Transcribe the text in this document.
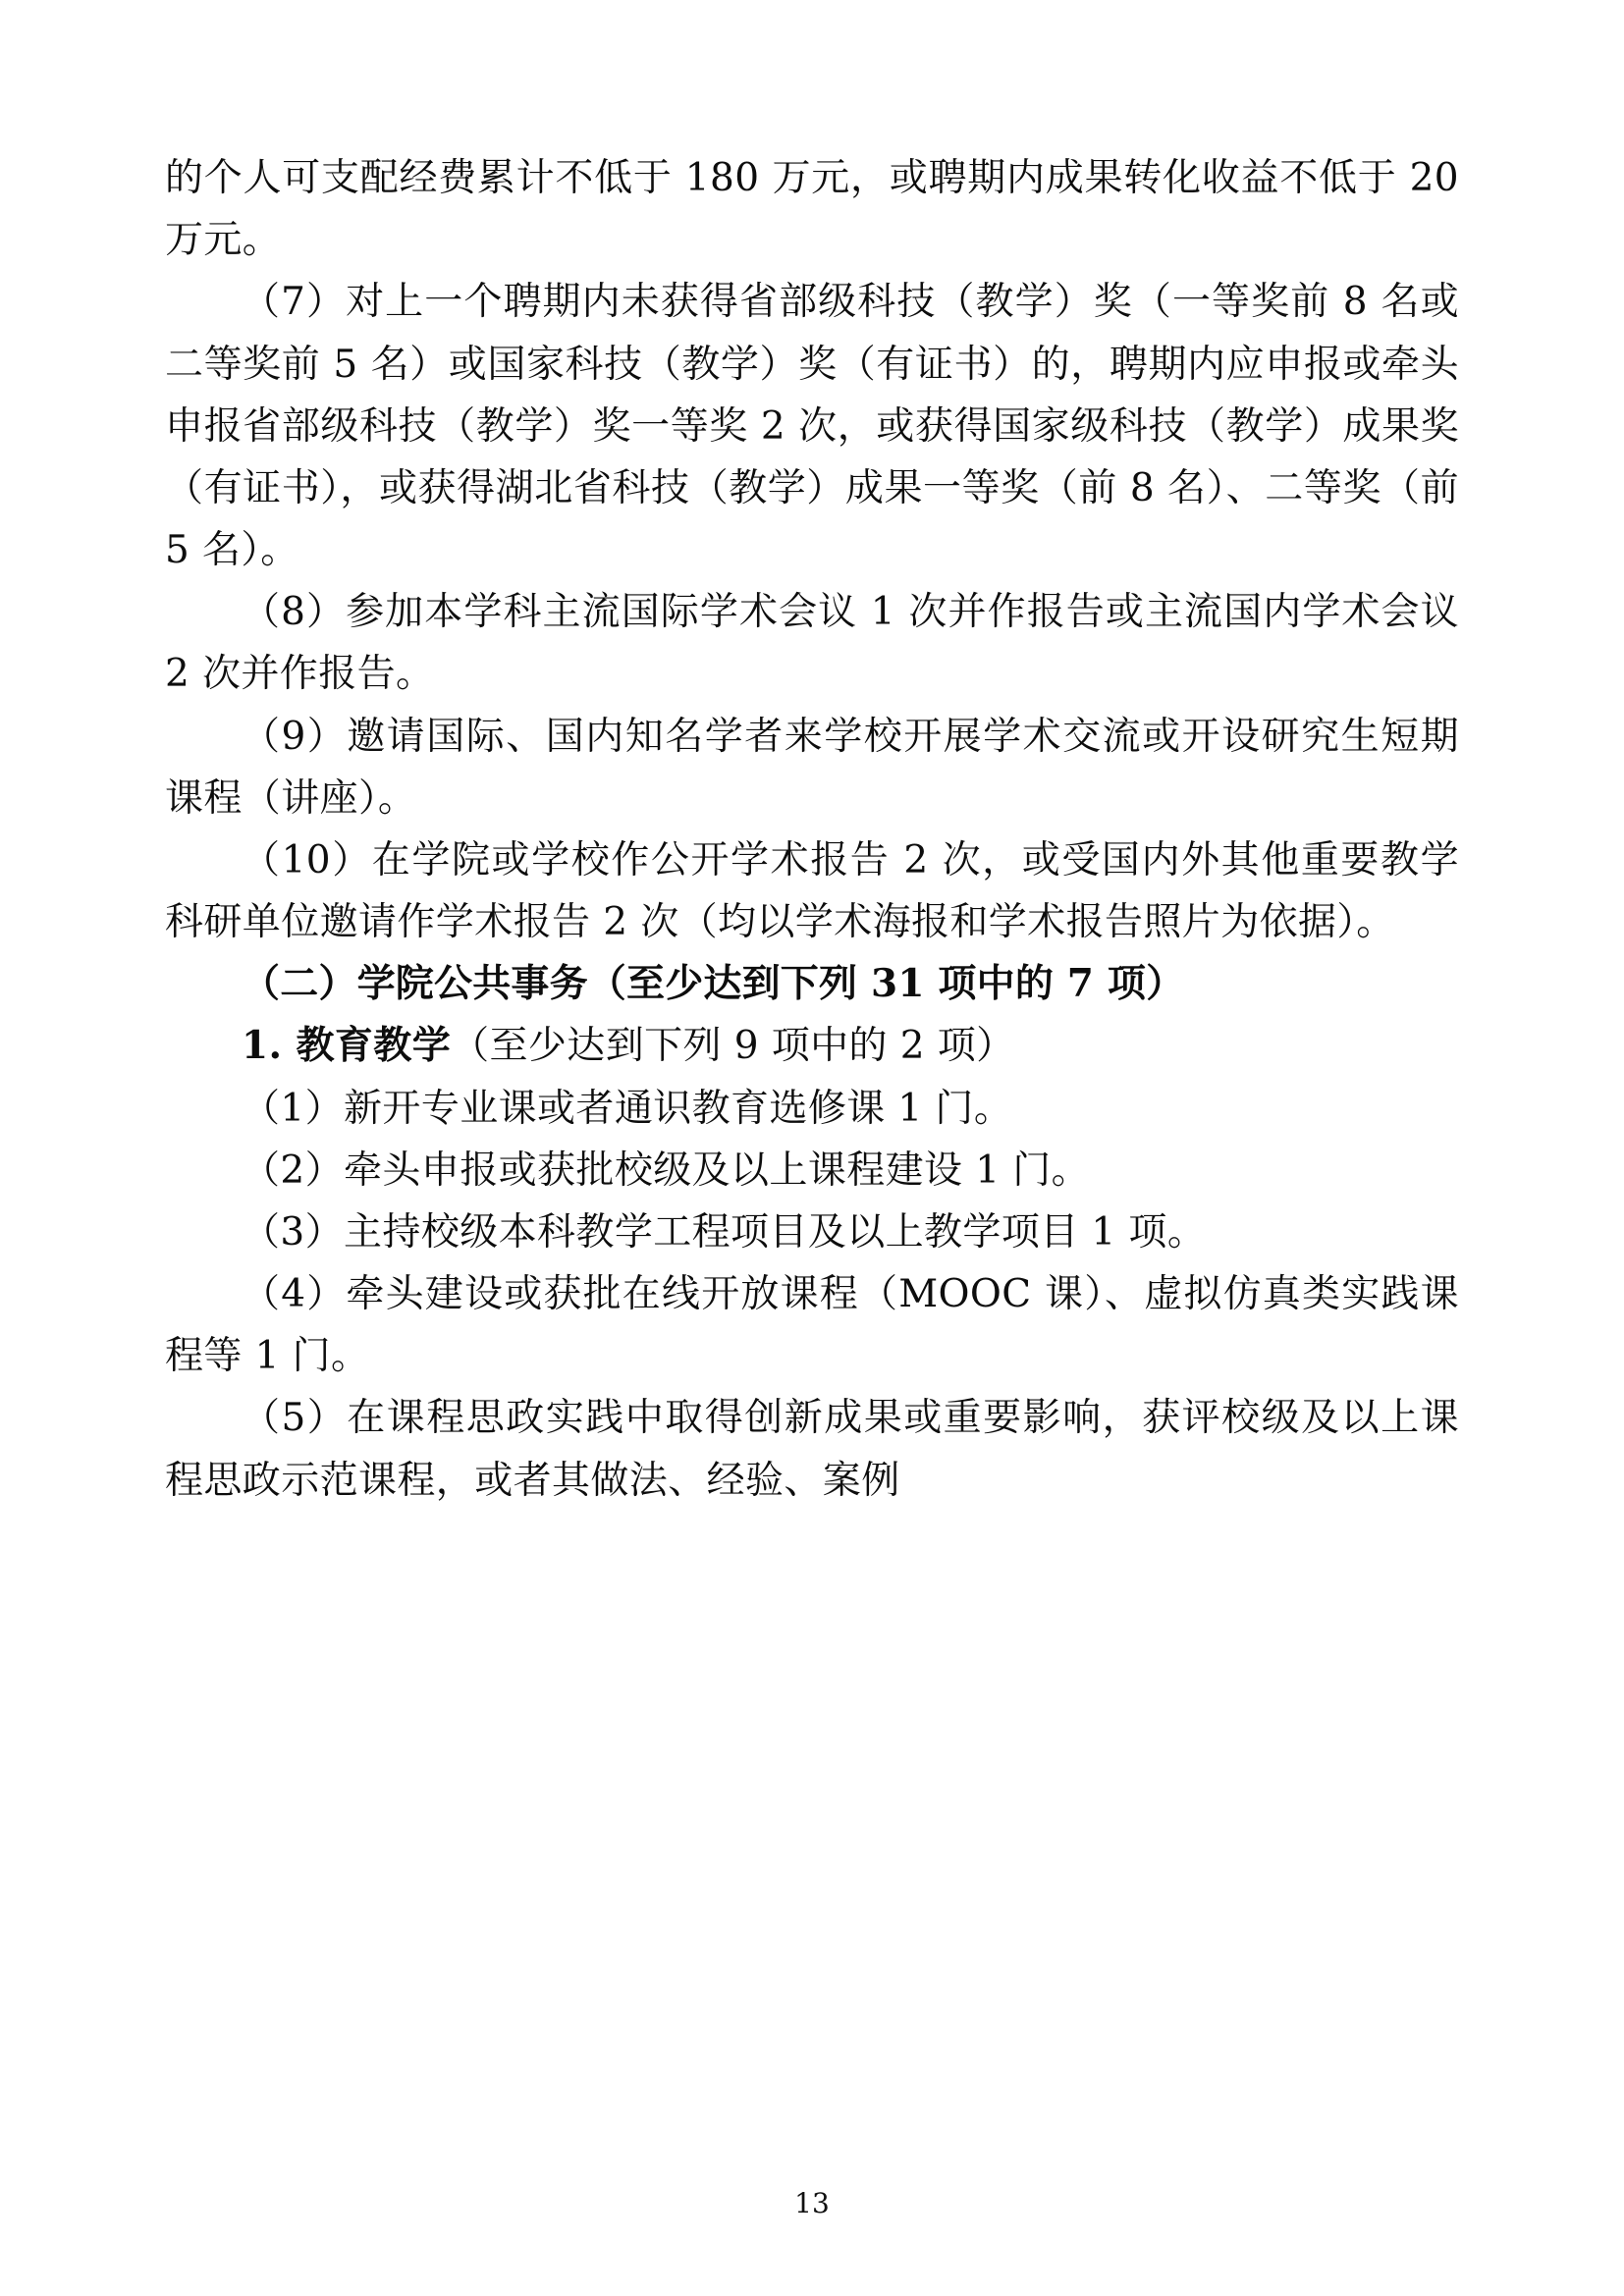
的个人可支配经费累计不低于 180 万元，或聘期内成果转化收益不低于 20 万元。

（7）对上一个聘期内未获得省部级科技（教学）奖（一等奖前 8 名或二等奖前 5 名）或国家科技（教学）奖（有证书）的，聘期内应申报或牵头申报省部级科技（教学）奖一等奖 2 次，或获得国家级科技（教学）成果奖（有证书），或获得湖北省科技（教学）成果一等奖（前 8 名）、二等奖（前 5 名）。

（8）参加本学科主流国际学术会议 1 次并作报告或主流国内学术会议 2 次并作报告。

（9）邀请国际、国内知名学者来学校开展学术交流或开设研究生短期课程（讲座）。

（10）在学院或学校作公开学术报告 2 次，或受国内外其他重要教学科研单位邀请作学术报告 2 次（均以学术海报和学术报告照片为依据）。

（二）学院公共事务（至少达到下列 31 项中的 7 项）

1. 教育教学（至少达到下列 9 项中的 2 项）

（1）新开专业课或者通识教育选修课 1 门。

（2）牵头申报或获批校级及以上课程建设 1 门。

（3）主持校级本科教学工程项目及以上教学项目 1 项。

（4）牵头建设或获批在线开放课程（MOOC 课）、虚拟仿真类实践课程等 1 门。

（5）在课程思政实践中取得创新成果或重要影响，获评校级及以上课程思政示范课程，或者其做法、经验、案例

13
